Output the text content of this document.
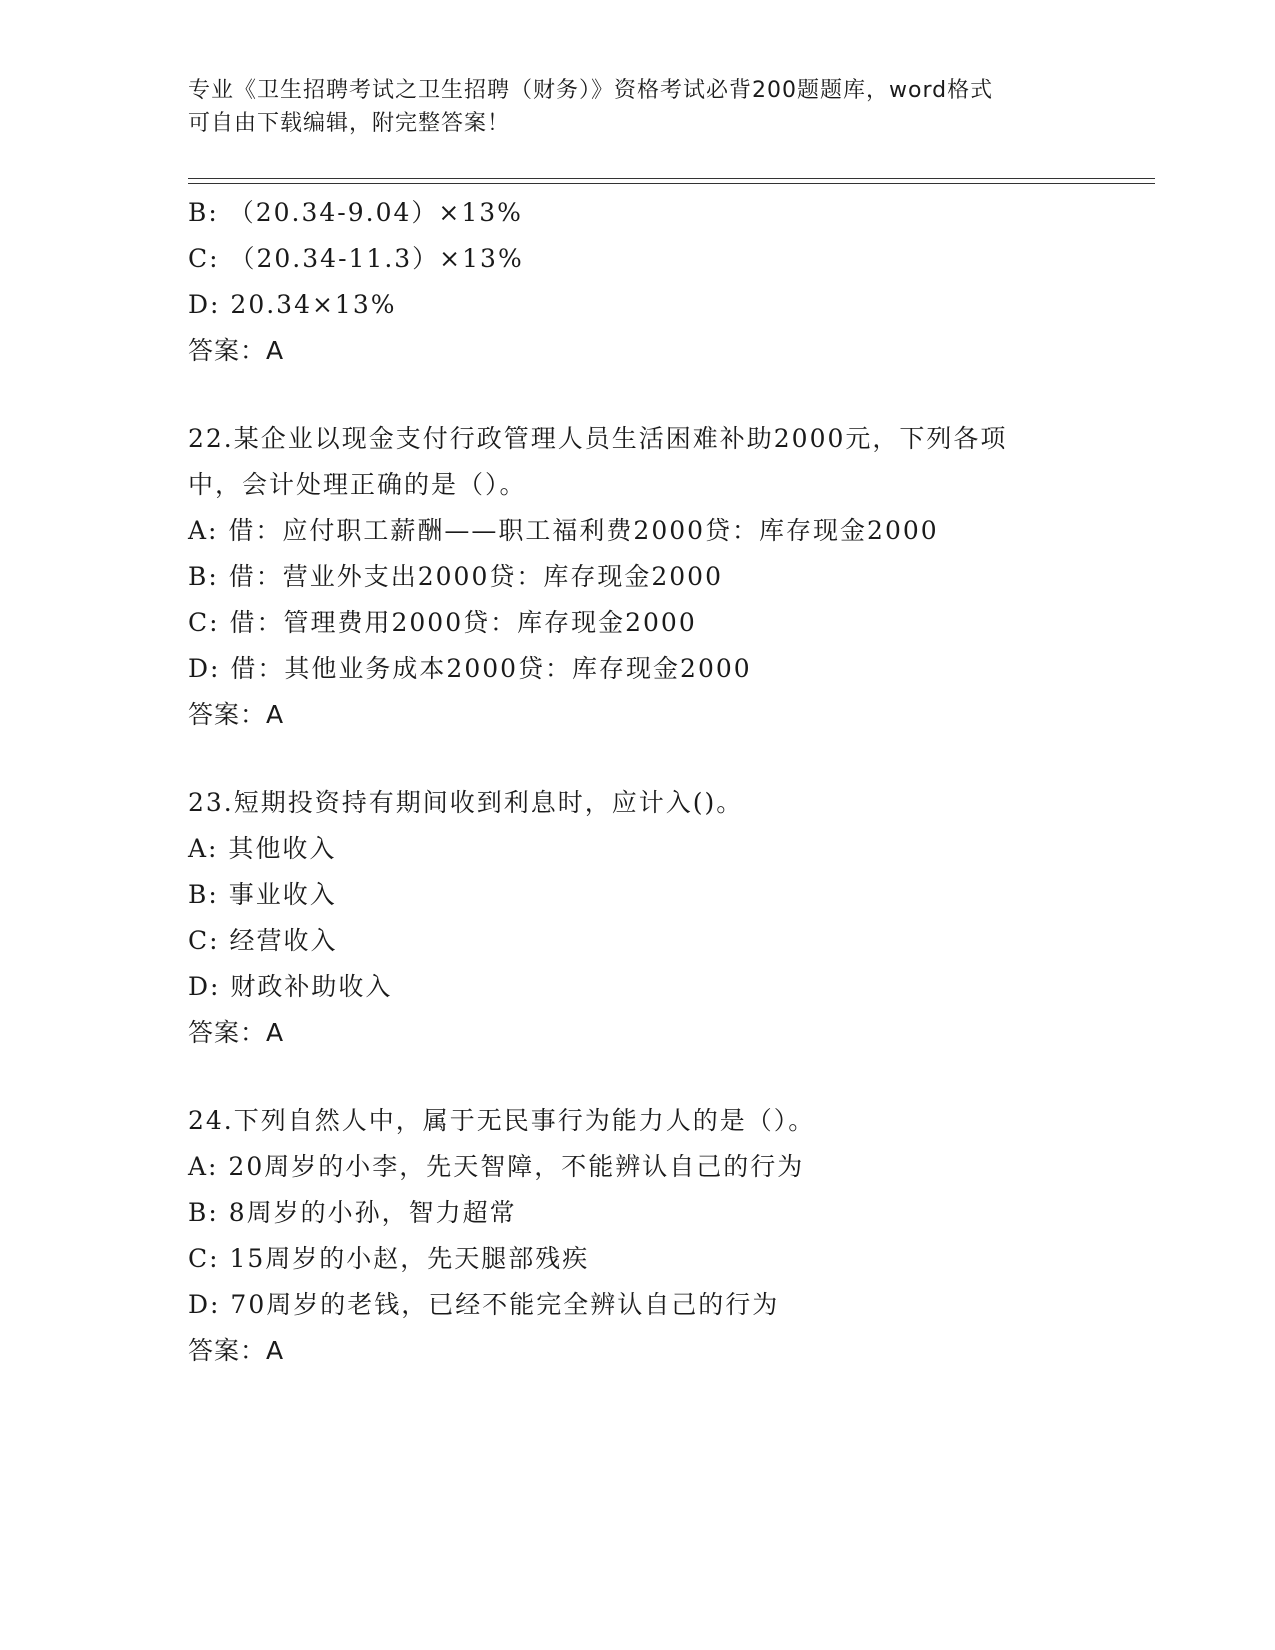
专业《卫生招聘考试之卫生招聘（财务）》资格考试必背200题题库，word格式
可自由下载编辑，附完整答案！
B: （20.34-9.04）×13%
C: （20.34-11.3）×13%
D: 20.34×13%
答案：A
22.某企业以现金支付行政管理人员生活困难补助2000元，下列各项
中，会计处理正确的是（）。
A: 借：应付职工薪酬——职工福利费2000贷：库存现金2000
B: 借：营业外支出2000贷：库存现金2000
C: 借：管理费用2000贷：库存现金2000
D: 借：其他业务成本2000贷：库存现金2000
答案：A
23.短期投资持有期间收到利息时，应计入()。
A: 其他收入
B: 事业收入
C: 经营收入
D: 财政补助收入
答案：A
24.下列自然人中，属于无民事行为能力人的是（）。
A: 20周岁的小李，先天智障，不能辨认自己的行为
B: 8周岁的小孙，智力超常
C: 15周岁的小赵，先天腿部残疾
D: 70周岁的老钱，已经不能完全辨认自己的行为
答案：A
